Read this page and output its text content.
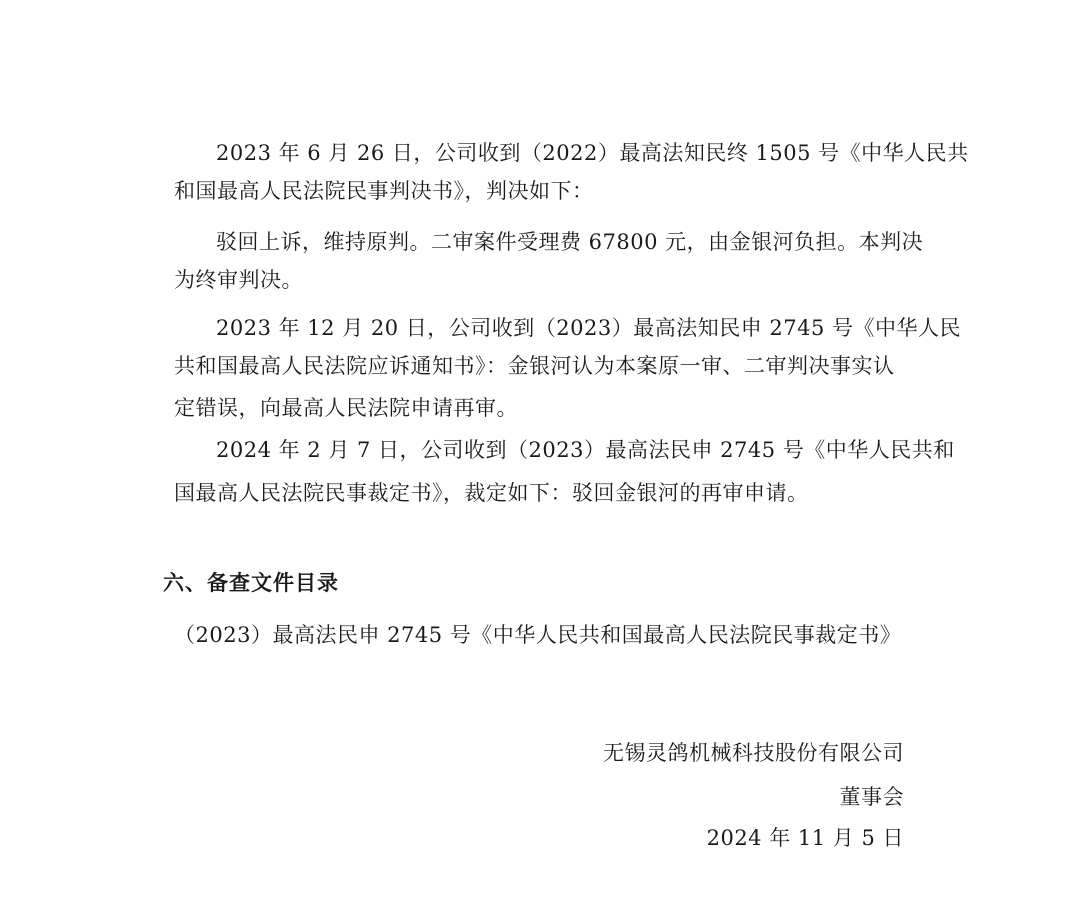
2023 年 6 月 26 日，公司收到（2022）最高法知民终 1505 号《中华人民共
和国最高人民法院民事判决书》，判决如下：
驳回上诉，维持原判。二审案件受理费 67800 元，由金银河负担。本判决
为终审判决。
2023 年 12 月 20 日，公司收到（2023）最高法知民申 2745 号《中华人民
共和国最高人民法院应诉通知书》：金银河认为本案原一审、二审判决事实认
定错误，向最高人民法院申请再审。
2024 年 2 月 7 日，公司收到（2023）最高法民申 2745 号《中华人民共和
国最高人民法院民事裁定书》，裁定如下：驳回金银河的再审申请。
六、备查文件目录
（2023）最高法民申 2745 号《中华人民共和国最高人民法院民事裁定书》
无锡灵鸽机械科技股份有限公司
董事会
2024 年 11 月 5 日
